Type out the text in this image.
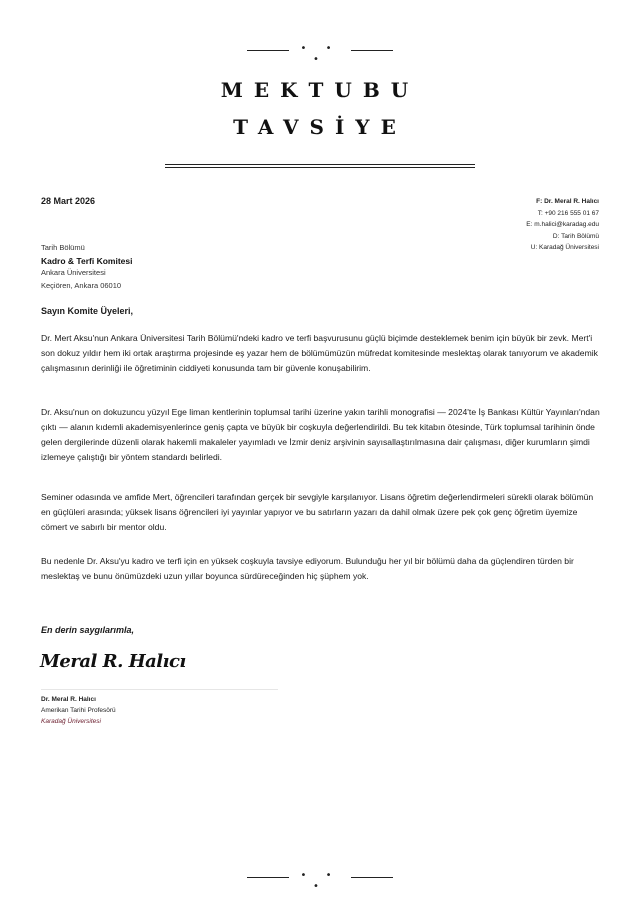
• • •
MEKTUBU
TAVSİYE
28 Mart 2026	F: Dr. Meral R. Halıcı
T: +90 216 555 01 67
E: m.halici@karadag.edu
D: Tarih Bölümü
U: Karadağ Üniversitesi
Tarih Bölümü
Kadro & Terfi Komitesi
Ankara Üniversitesi
Keçiören, Ankara 06010
Sayın Komite Üyeleri,
Dr. Mert Aksu'nun Ankara Üniversitesi Tarih Bölümü'ndeki kadro ve terfi başvurusunu güçlü biçimde desteklemek benim için büyük bir zevk. Mert'i son dokuz yıldır hem iki ortak araştırma projesinde eş yazar hem de bölümümüzün müfredat komitesinde meslektaş olarak tanıyorum ve akademik çalışmasının derinliği ile öğretiminin ciddiyeti konusunda tam bir güvenle konuşabilirim.
Dr. Aksu'nun on dokuzuncu yüzyıl Ege liman kentlerinin toplumsal tarihi üzerine yakın tarihli monografisi — 2024'te İş Bankası Kültür Yayınları'ndan çıktı — alanın kıdemli akademisyenlerince geniş çapta ve büyük bir coşkuyla değerlendirildi. Bu tek kitabın ötesinde, Türk toplumsal tarihinin önde gelen dergilerinde düzenli olarak hakemli makaleler yayımladı ve İzmir deniz arşivinin sayısallaştırılmasına dair çalışması, diğer kurumların şimdi izlemeye çalıştığı bir yöntem standardı belirledi.
Seminer odasında ve amfide Mert, öğrencileri tarafından gerçek bir sevgiyle karşılanıyor. Lisans öğretim değerlendirmeleri sürekli olarak bölümün en güçlüleri arasında; yüksek lisans öğrencileri iyi yayınlar yapıyor ve bu satırların yazarı da dahil olmak üzere pek çok genç öğretim üyemize cömert ve sabırlı bir mentor oldu.
Bu nedenle Dr. Aksu'yu kadro ve terfi için en yüksek coşkuyla tavsiye ediyorum. Bulunduğu her yıl bir bölümü daha da güçlendiren türden bir meslektaş ve bunu önümüzdeki uzun yıllar boyunca sürdüreceğinden hiç şüphem yok.
En derin saygılarımla,
Meral R. Halıcı
Dr. Meral R. Halıcı
Amerikan Tarihi Profesörü
Karadağ Üniversitesi
• • •
